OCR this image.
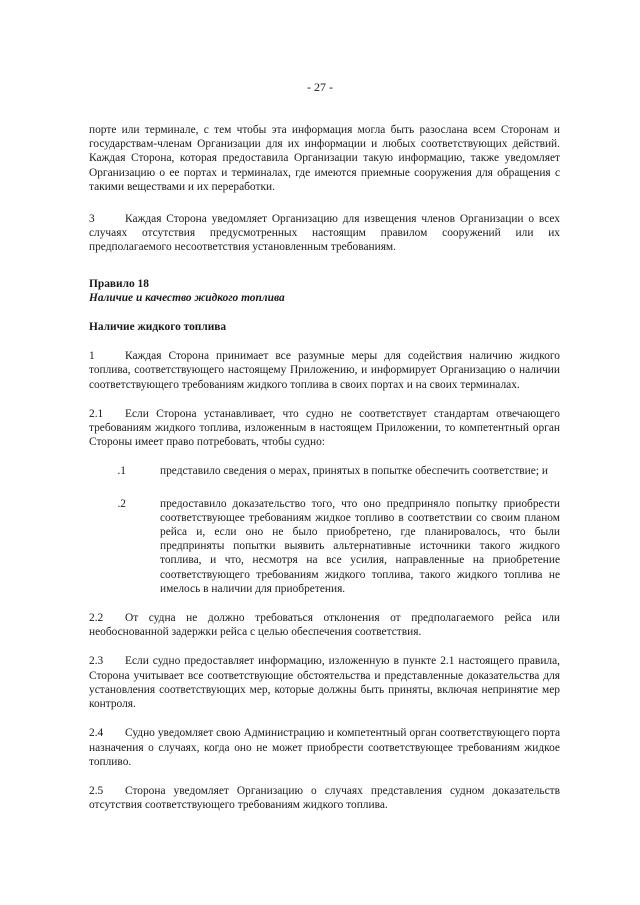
- 27 -

порте или терминале, с тем чтобы эта информация могла быть разослана всем Сторонам и государствам-членам Организации для их информации и любых соответствующих действий. Каждая Сторона, которая предоставила Организации такую информацию, также уведомляет Организацию о ее портах и терминалах, где имеются приемные сооружения для обращения с такими веществами и их переработки.

3	Каждая Сторона уведомляет Организацию для извещения членов Организации о всех случаях отсутствия предусмотренных настоящим правилом сооружений или их предполагаемого несоответствия установленным требованиям.

Правило 18

Наличие и качество жидкого топлива

Наличие жидкого топлива

1	Каждая Сторона принимает все разумные меры для содействия наличию жидкого топлива, соответствующего настоящему Приложению, и информирует Организацию о наличии соответствующего требованиям жидкого топлива в своих портах и на своих терминалах.

2.1 Если Сторона устанавливает, что судно не соответствует стандартам отвечающего требованиям жидкого топлива, изложенным в настоящем Приложении, то компетентный орган Стороны имеет право потребовать, чтобы судно:

.1	представило сведения о мерах, принятых в попытке обеспечить соответствие; и
.2	предоставило доказательство того, что оно предприняло попытку приобрести соответствующее требованиям жидкое топливо в соответствии со своим планом рейса и, если оно не было приобретено, где планировалось, что были предприняты попытки выявить альтернативные источники такого жидкого топлива, и что, несмотря на все усилия, направленные на приобретение соответствующего требованиям жидкого топлива, такого жидкого топлива не имелось в наличии для приобретения.

2.2 От судна не должно требоваться отклонения от предполагаемого рейса или необоснованной задержки рейса с целью обеспечения соответствия.

2.3 Если судно предоставляет информацию, изложенную в пункте 2.1 настоящего правила, Сторона учитывает все соответствующие обстоятельства и представленные доказательства для установления соответствующих мер, которые должны быть приняты, включая непринятие мер контроля.

2.4 Судно уведомляет свою Администрацию и компетентный орган соответствующего порта назначения о случаях, когда оно не может приобрести соответствующее требованиям жидкое топливо.

2.5 Сторона уведомляет Организацию о случаях представления судном доказательств отсутствия соответствующего требованиям жидкого топлива.
